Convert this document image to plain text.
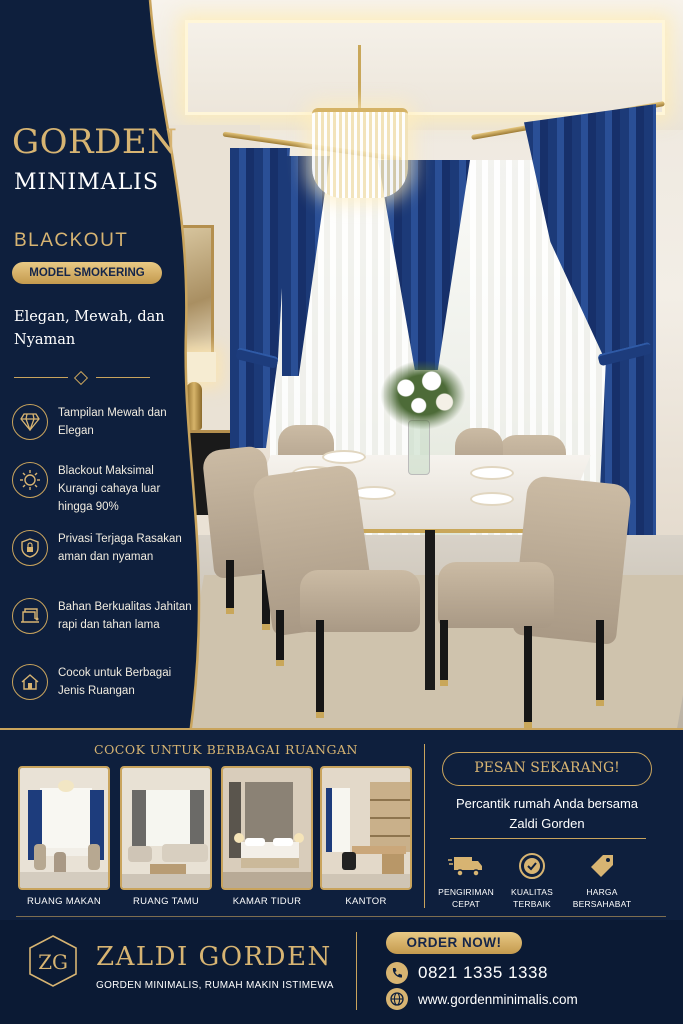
GORDEN
MINIMALIS
BLACKOUT
MODEL SMOKERING
Elegan, Mewah, dan Nyaman
Tampilan Mewah dan Elegan
Blackout Maksimal Kurangi cahaya luar hingga 90%
Privasi Terjaga Rasakan aman dan nyaman
Bahan Berkualitas Jahitan rapi dan tahan lama
Cocok untuk Berbagai Jenis Ruangan
COCOK UNTUK BERBAGAI RUANGAN
RUANG MAKAN	RUANG TAMU	KAMAR TIDUR	KANTOR
PESAN SEKARANG!
Percantik rumah Anda bersama Zaldi Gorden
PENGIRIMAN CEPAT
KUALITAS TERBAIK
HARGA BERSAHABAT
ZG ZALDI GORDEN
GORDEN MINIMALIS, RUMAH MAKIN ISTIMEWA
ORDER NOW!
0821 1335 1338
www.gordenminimalis.com
